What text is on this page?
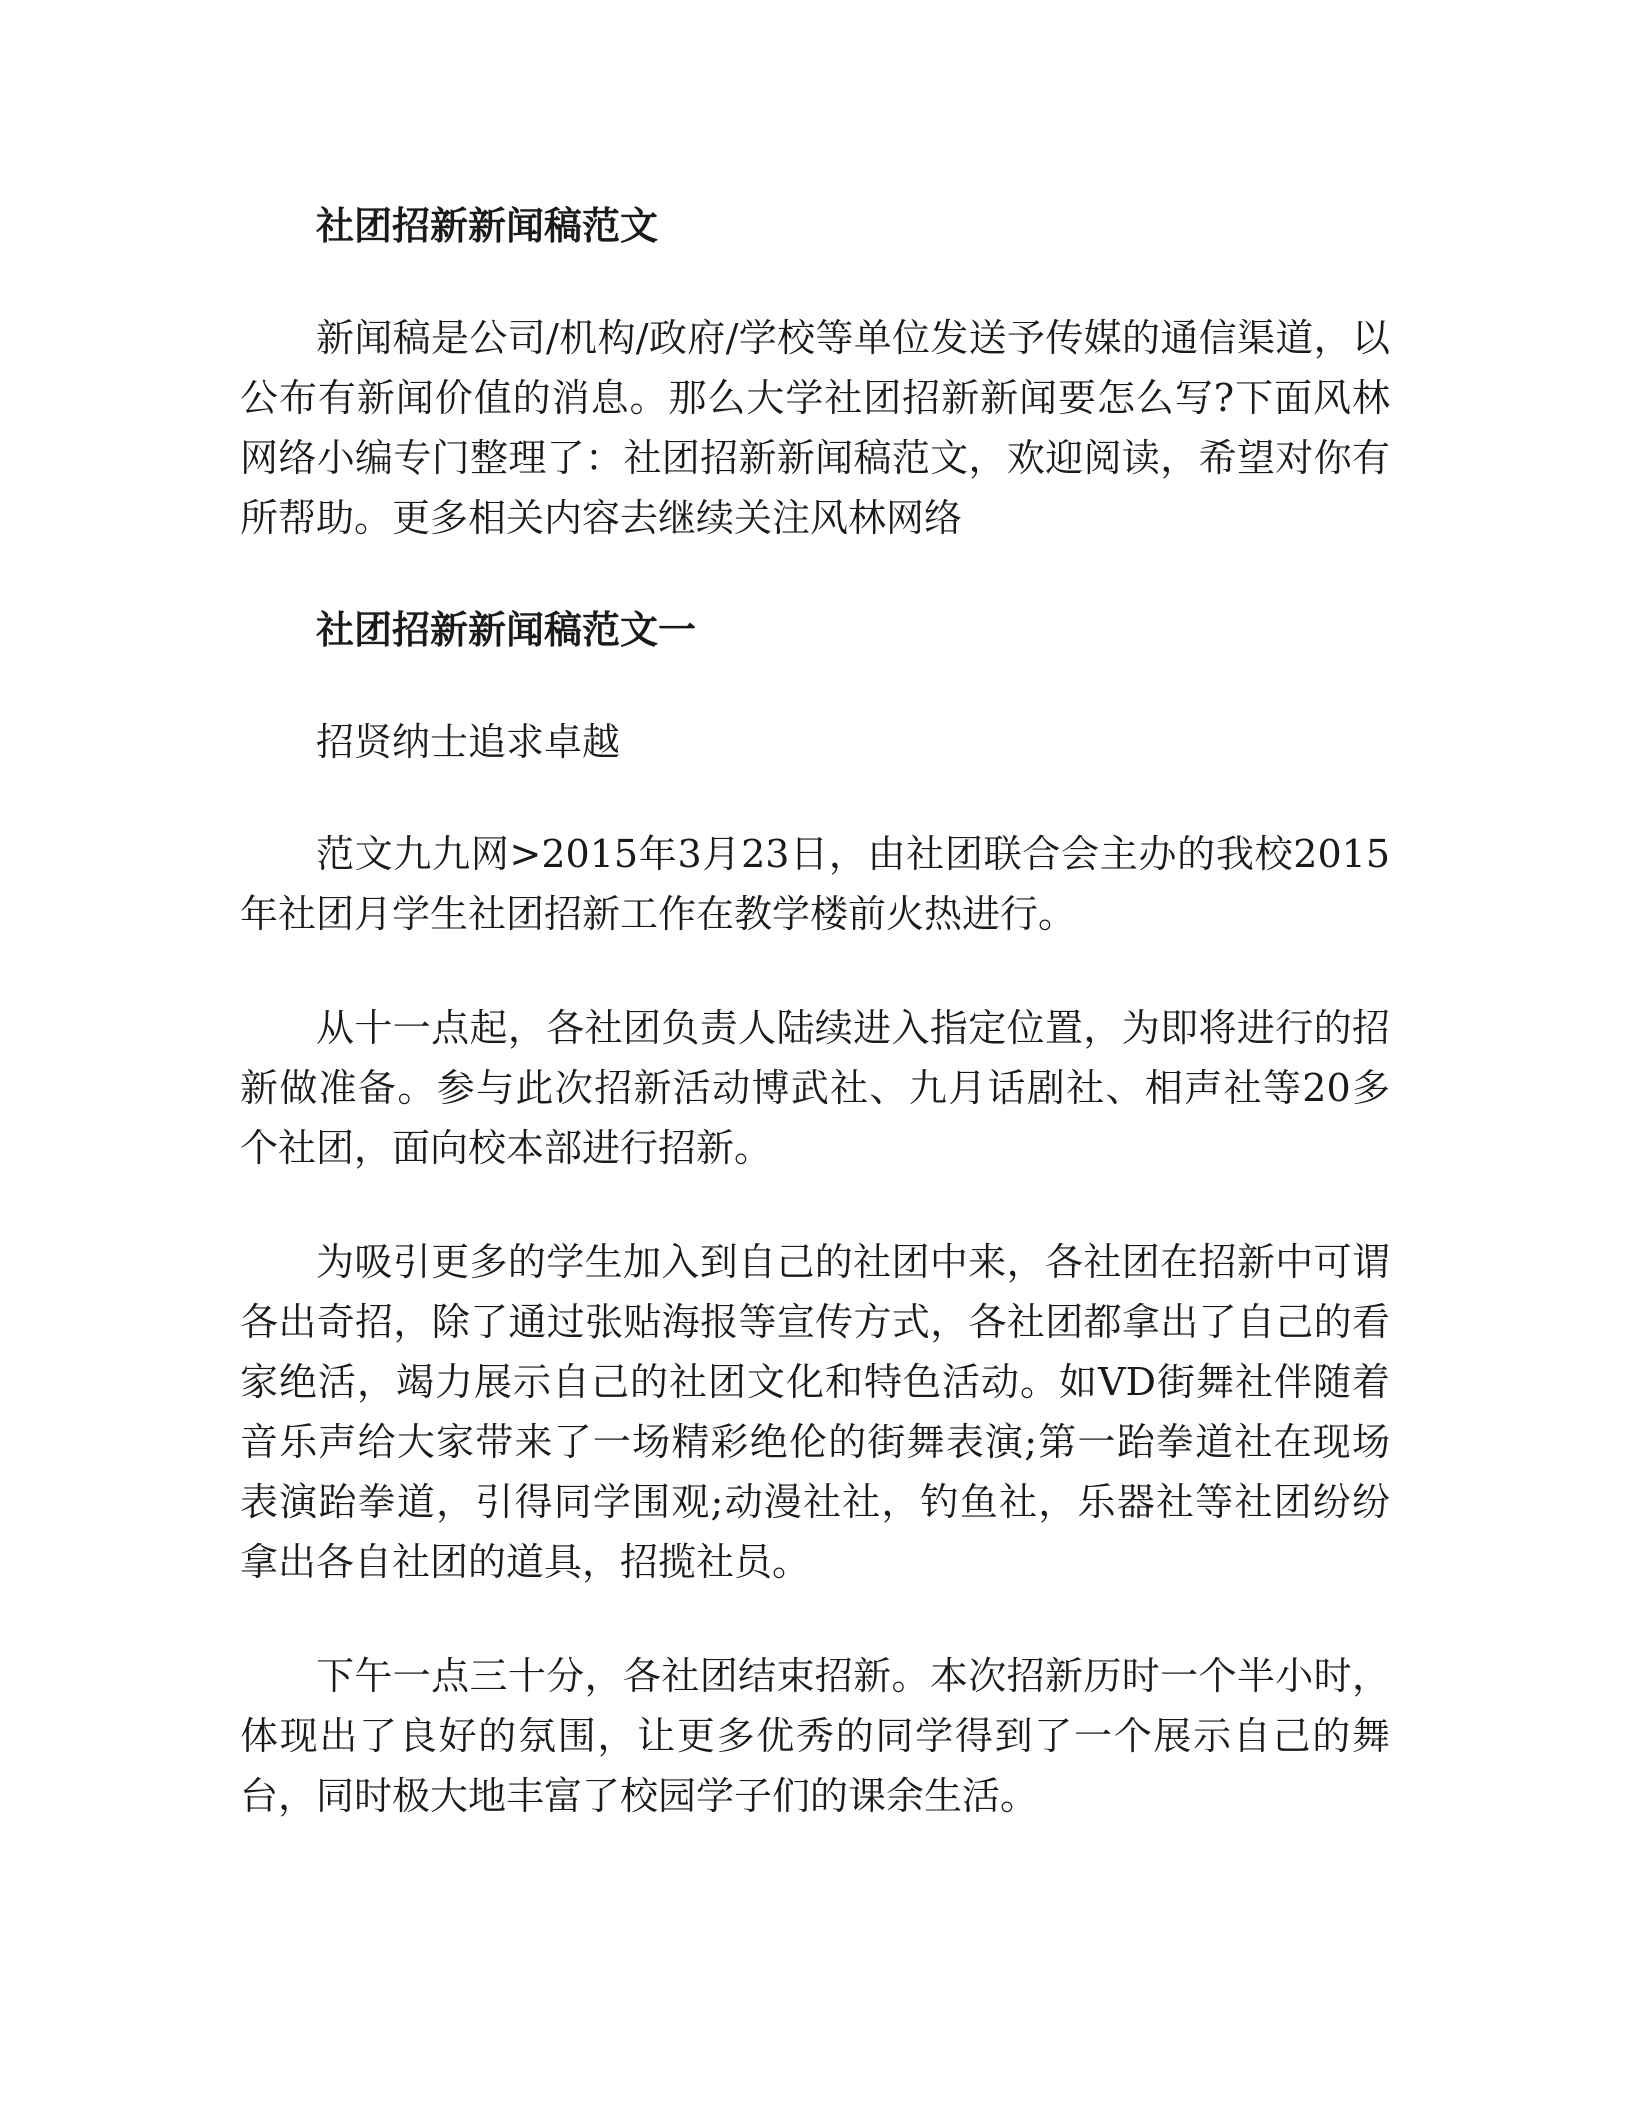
社团招新新闻稿范文

新闻稿是公司/机构/政府/学校等单位发送予传媒的通信渠道，以公布有新闻价值的消息。那么大学社团招新新闻要怎么写?下面风林网络小编专门整理了：社团招新新闻稿范文，欢迎阅读，希望对你有所帮助。更多相关内容去继续关注风林网络

社团招新新闻稿范文一

招贤纳士追求卓越

范文九九网>2015年3月23日，由社团联合会主办的我校2015年社团月学生社团招新工作在教学楼前火热进行。

从十一点起，各社团负责人陆续进入指定位置，为即将进行的招新做准备。参与此次招新活动博武社、九月话剧社、相声社等20多个社团，面向校本部进行招新。

为吸引更多的学生加入到自己的社团中来，各社团在招新中可谓各出奇招，除了通过张贴海报等宣传方式，各社团都拿出了自己的看家绝活，竭力展示自己的社团文化和特色活动。如VD街舞社伴随着音乐声给大家带来了一场精彩绝伦的街舞表演;第一跆拳道社在现场表演跆拳道，引得同学围观;动漫社社，钓鱼社，乐器社等社团纷纷拿出各自社团的道具，招揽社员。

下午一点三十分，各社团结束招新。本次招新历时一个半小时，体现出了良好的氛围，让更多优秀的同学得到了一个展示自己的舞台，同时极大地丰富了校园学子们的课余生活。
